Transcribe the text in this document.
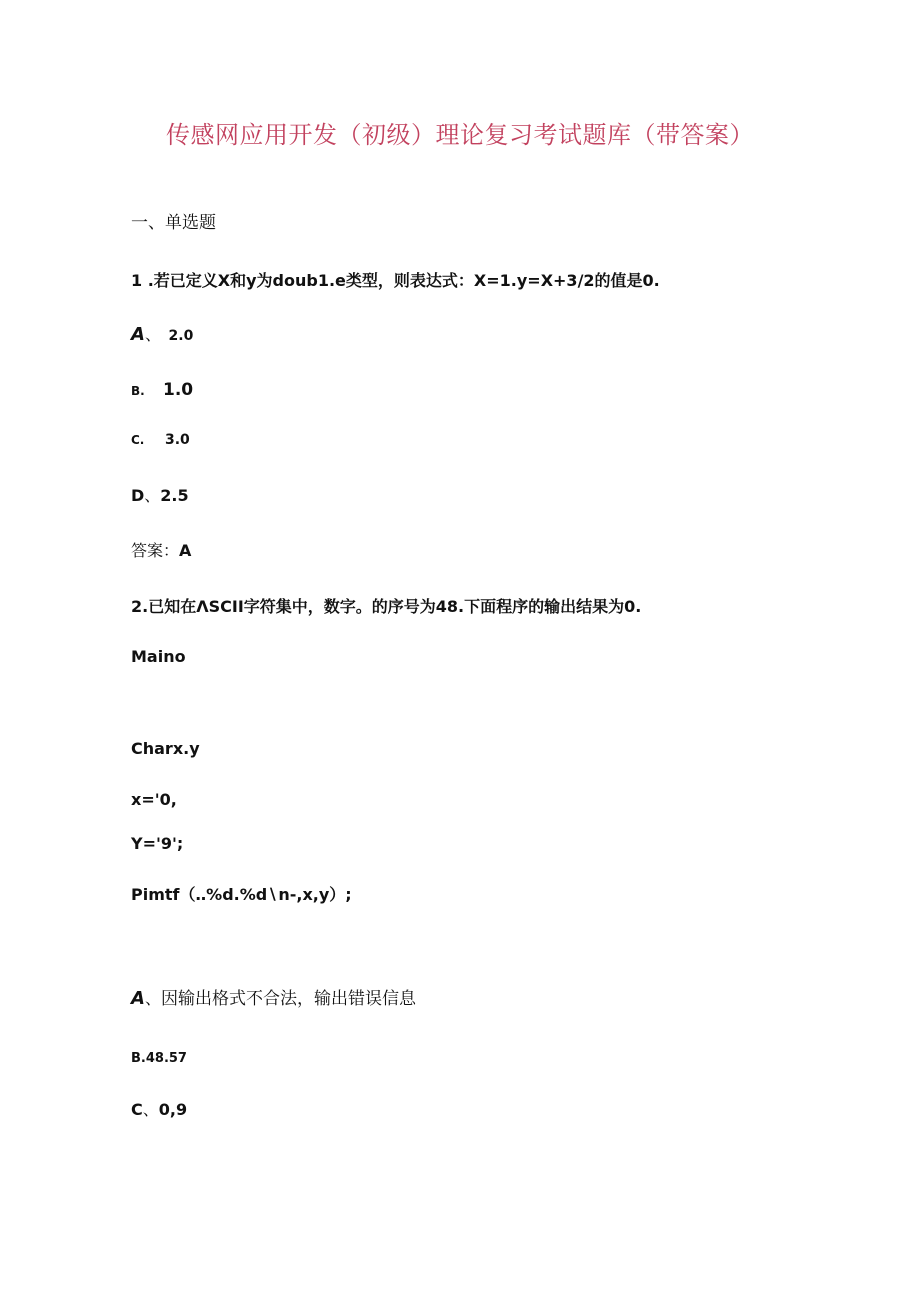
传感网应用开发（初级）理论复习考试题库（带答案）
一、单选题
1 .若已定义X和y为doub1.e类型，则表达式：X=1.y=X+3/2的值是0.
A、 2.0
B. 1.0
C. 3.0
D、2.5
答案：A
2.已知在ΛSCII字符集中，数字。的序号为48.下面程序的输出结果为0.
Maino
Charx.y
x='0,
Y='9';
Pimtf（‥%d.%d∖n-,x,y）;
A、因输出格式不合法，输出错误信息
B.48.57
C、0,9
